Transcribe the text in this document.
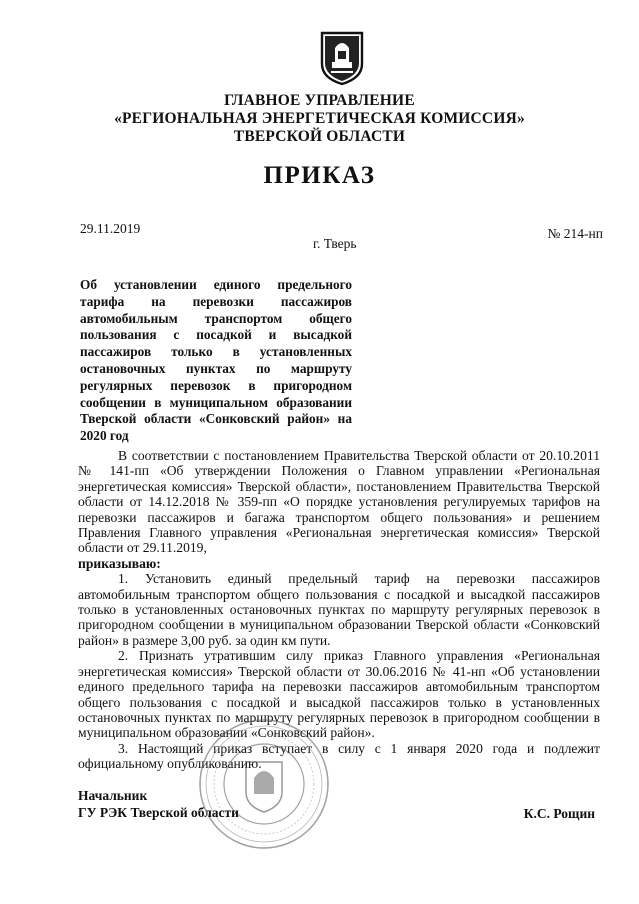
ГЛАВНОЕ УПРАВЛЕНИЕ
«РЕГИОНАЛЬНАЯ ЭНЕРГЕТИЧЕСКАЯ КОМИССИЯ»
ТВЕРСКОЙ ОБЛАСТИ
ПРИКАЗ
29.11.2019
г. Тверь
№ 214-нп
Об установлении единого предельного тарифа на перевозки пассажиров автомобильным транспортом общего пользования с посадкой и высадкой пассажиров только в установленных остановочных пунктах по маршруту регулярных перевозок в пригородном сообщении в муниципальном образовании Тверской области «Сонковский район» на 2020 год

В соответствии с постановлением Правительства Тверской области от 20.10.2011 № 141-пп «Об утверждении Положения о Главном управлении «Региональная энергетическая комиссия» Тверской области», постановлением Правительства Тверской области от 14.12.2018 № 359-пп «О порядке установления регулируемых тарифов на перевозки пассажиров и багажа транспортом общего пользования» и решением Правления Главного управления «Региональная энергетическая комиссия» Тверской области от 29.11.2019,

приказываю:

1. Установить единый предельный тариф на перевозки пассажиров автомобильным транспортом общего пользования с посадкой и высадкой пассажиров только в установленных остановочных пунктах по маршруту регулярных перевозок в пригородном сообщении в муниципальном образовании Тверской области «Сонковский район» в размере 3,00 руб. за один км пути.

2. Признать утратившим силу приказ Главного управления «Региональная энергетическая комиссия» Тверской области от 30.06.2016 № 41-нп «Об установлении единого предельного тарифа на перевозки пассажиров автомобильным транспортом общего пользования с посадкой и высадкой пассажиров только в установленных остановочных пунктах по маршруту регулярных перевозок в пригородном сообщении в муниципальном образовании «Сонковский район».

3. Настоящий приказ вступает в силу с 1 января 2020 года и подлежит официальному опубликованию.

Начальник
ГУ РЭК Тверской области	К.С. Рощин
